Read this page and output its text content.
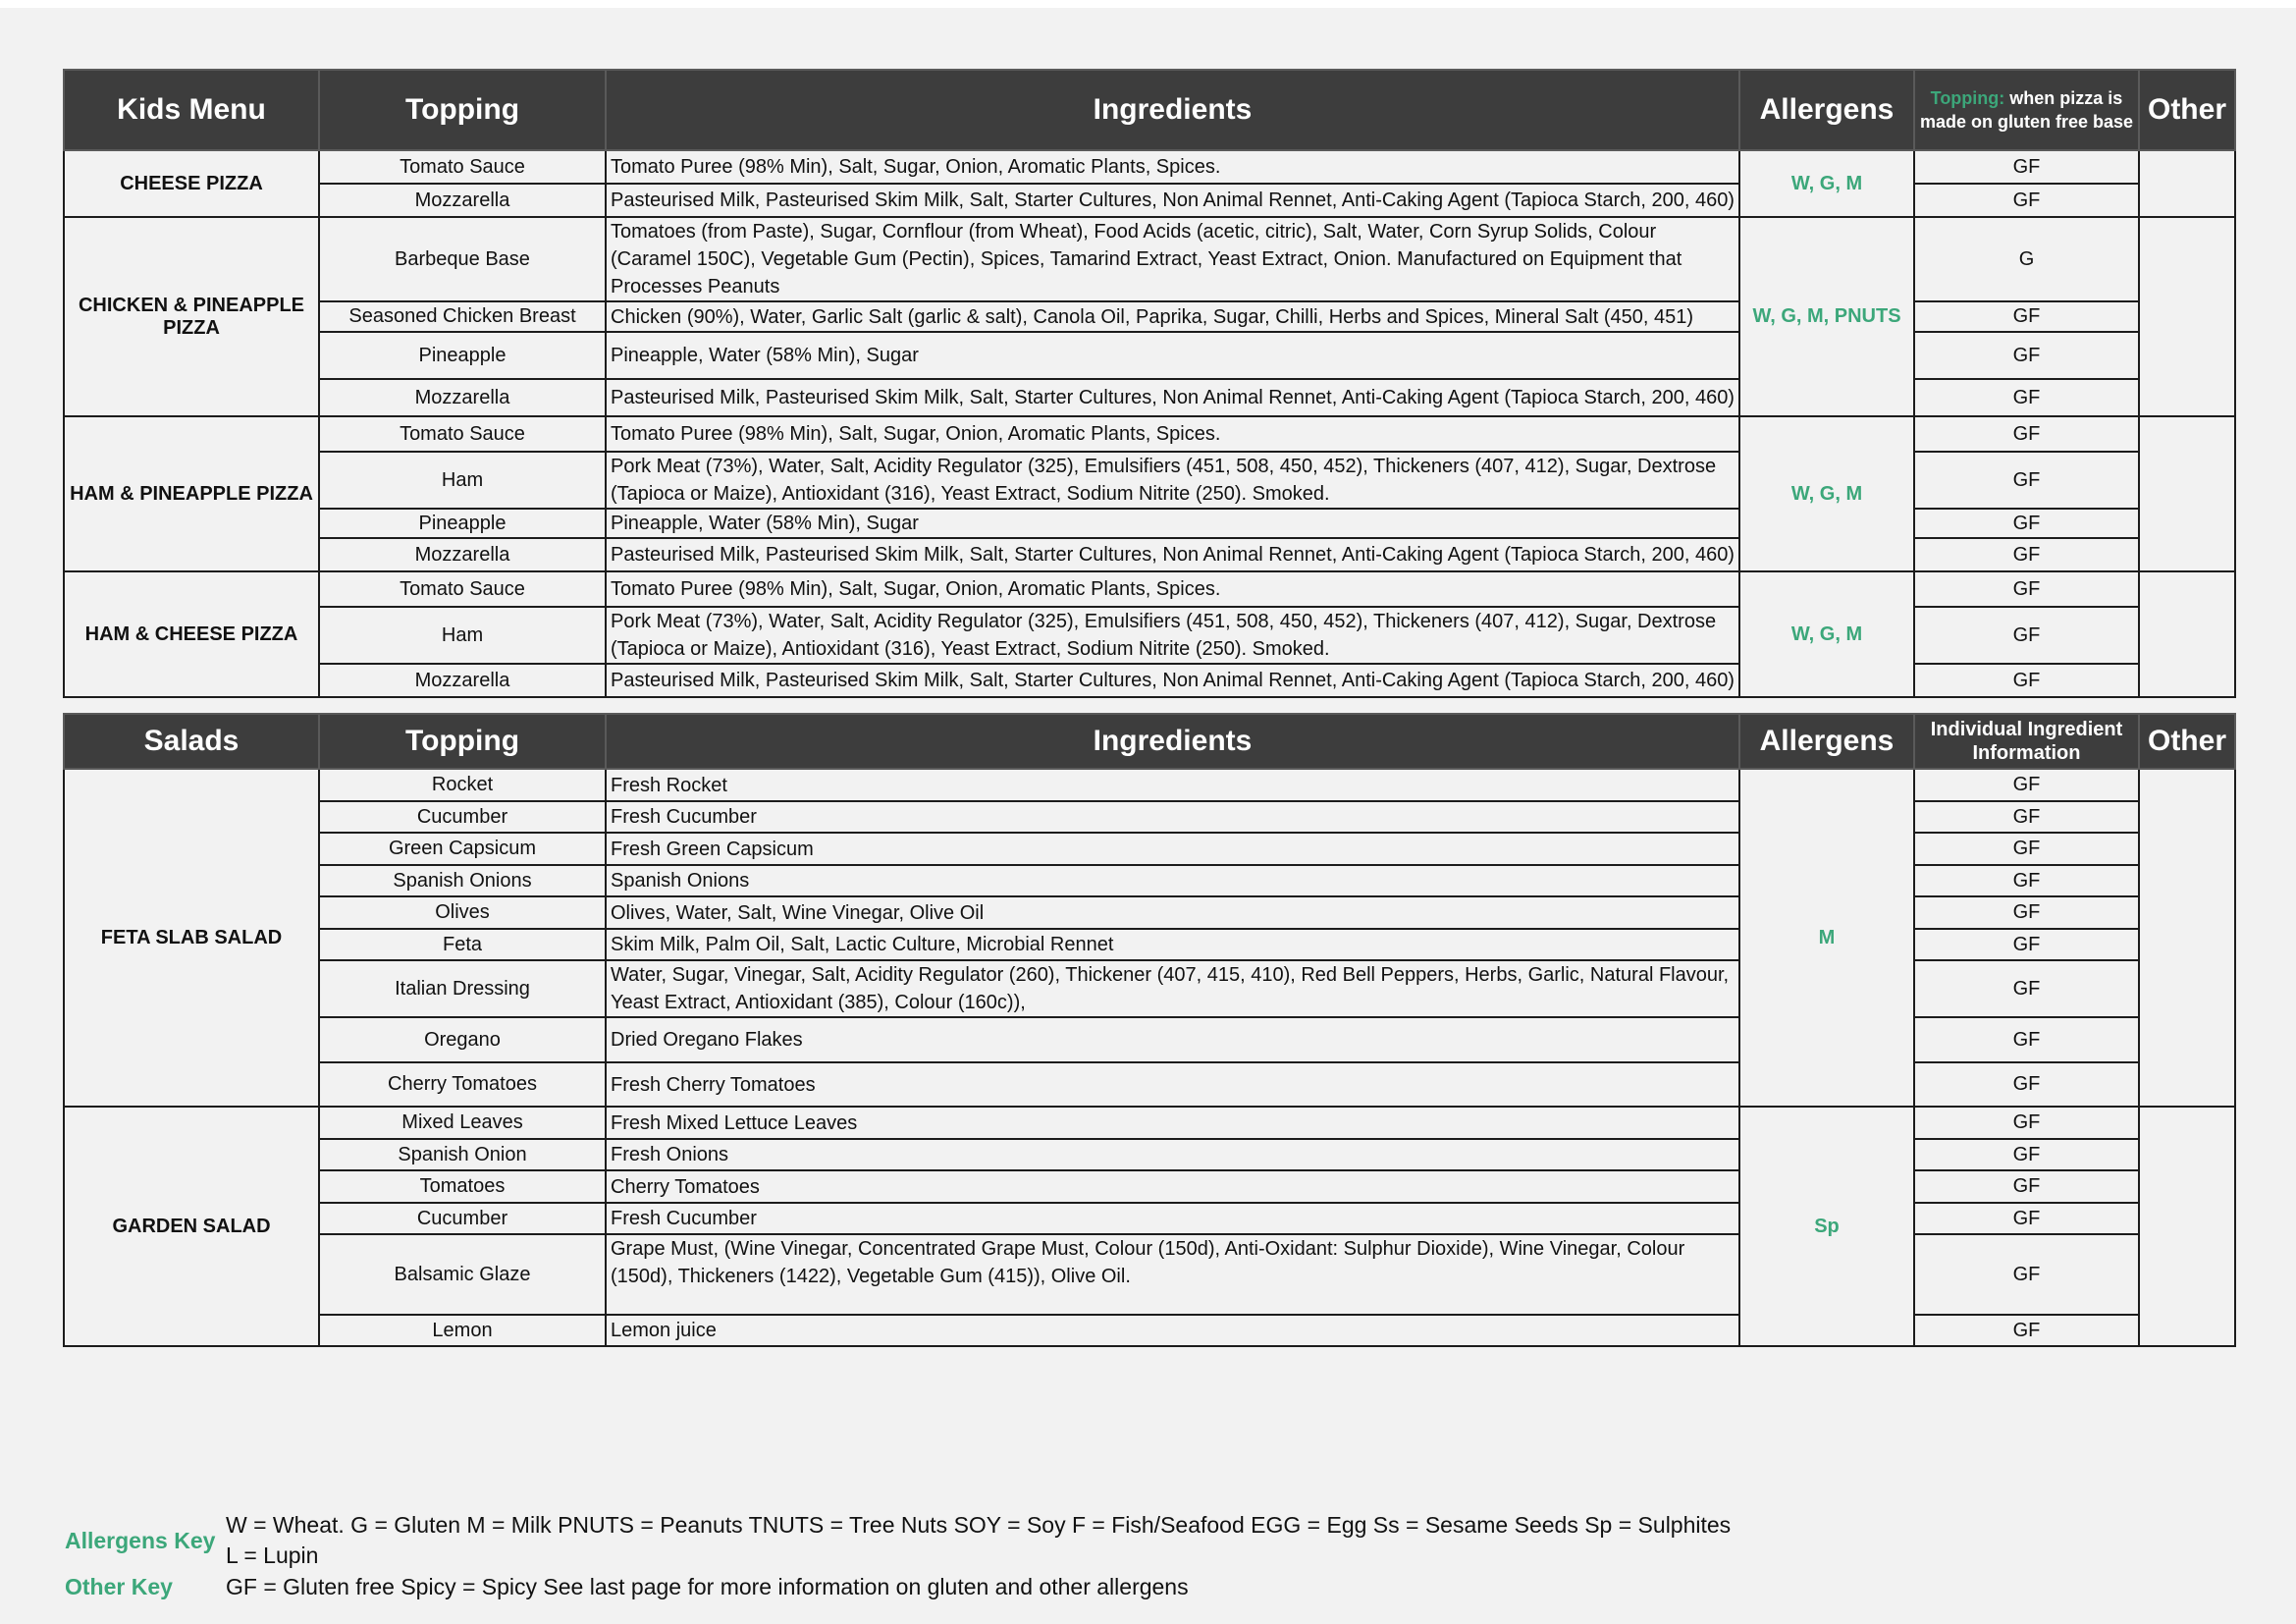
Kids Menu	Topping	Ingredients	Allergens	Topping: when pizza is made on gluten free base	Other
CHEESE PIZZA	Tomato Sauce	Tomato Puree (98% Min), Salt, Sugar, Onion, Aromatic Plants, Spices.	W, G, M	GF	
	Mozzarella	Pasteurised Milk, Pasteurised Skim Milk, Salt, Starter Cultures, Non Animal Rennet, Anti-Caking Agent (Tapioca Starch, 200, 460)		GF	
CHICKEN & PINEAPPLE PIZZA	Barbeque Base	Tomatoes (from Paste), Sugar, Cornflour (from Wheat), Food Acids (acetic, citric), Salt, Water, Corn Syrup Solids, Colour (Caramel 150C), Vegetable Gum (Pectin), Spices, Tamarind Extract, Yeast Extract, Onion. Manufactured on Equipment that Processes Peanuts	W, G, M, PNUTS	G	
	Seasoned Chicken Breast	Chicken (90%), Water, Garlic Salt (garlic & salt), Canola Oil, Paprika, Sugar, Chilli, Herbs and Spices, Mineral Salt (450, 451)		GF	
	Pineapple	Pineapple, Water (58% Min), Sugar		GF	
	Mozzarella	Pasteurised Milk, Pasteurised Skim Milk, Salt, Starter Cultures, Non Animal Rennet, Anti-Caking Agent (Tapioca Starch, 200, 460)		GF	
HAM & PINEAPPLE PIZZA	Tomato Sauce	Tomato Puree (98% Min), Salt, Sugar, Onion, Aromatic Plants, Spices.	W, G, M	GF	
	Ham	Pork Meat (73%), Water, Salt, Acidity Regulator (325), Emulsifiers (451, 508, 450, 452), Thickeners (407, 412), Sugar, Dextrose (Tapioca or Maize), Antioxidant (316), Yeast Extract, Sodium Nitrite (250). Smoked.		GF	
	Pineapple	Pineapple, Water (58% Min), Sugar		GF	
	Mozzarella	Pasteurised Milk, Pasteurised Skim Milk, Salt, Starter Cultures, Non Animal Rennet, Anti-Caking Agent (Tapioca Starch, 200, 460)		GF	
HAM & CHEESE PIZZA	Tomato Sauce	Tomato Puree (98% Min), Salt, Sugar, Onion, Aromatic Plants, Spices.	W, G, M	GF	
	Ham	Pork Meat (73%), Water, Salt, Acidity Regulator (325), Emulsifiers (451, 508, 450, 452), Thickeners (407, 412), Sugar, Dextrose (Tapioca or Maize), Antioxidant (316), Yeast Extract, Sodium Nitrite (250). Smoked.		GF	
	Mozzarella	Pasteurised Milk, Pasteurised Skim Milk, Salt, Starter Cultures, Non Animal Rennet, Anti-Caking Agent (Tapioca Starch, 200, 460)		GF	
Salads	Topping	Ingredients	Allergens	Individual Ingredient Information	Other
FETA SLAB SALAD	Rocket	Fresh Rocket	M	GF	
	Cucumber	Fresh Cucumber		GF	
	Green Capsicum	Fresh Green Capsicum		GF	
	Spanish Onions	Spanish Onions		GF	
	Olives	Olives, Water, Salt, Wine Vinegar, Olive Oil		GF	
	Feta	Skim Milk, Palm Oil, Salt, Lactic Culture, Microbial Rennet		GF	
	Italian Dressing	Water, Sugar, Vinegar, Salt, Acidity Regulator (260), Thickener (407, 415, 410), Red Bell Peppers, Herbs, Garlic, Natural Flavour, Yeast Extract, Antioxidant (385), Colour (160c)),		GF	
	Oregano	Dried Oregano Flakes		GF	
	Cherry Tomatoes	Fresh Cherry Tomatoes		GF	
GARDEN SALAD	Mixed Leaves	Fresh Mixed Lettuce Leaves	Sp	GF	
	Spanish Onion	Fresh Onions		GF	
	Tomatoes	Cherry Tomatoes		GF	
	Cucumber	Fresh Cucumber		GF	
	Balsamic Glaze	Grape Must, (Wine Vinegar, Concentrated Grape Must, Colour (150d), Anti-Oxidant: Sulphur Dioxide), Wine Vinegar, Colour (150d), Thickeners (1422), Vegetable Gum (415)), Olive Oil.		GF	
	Lemon	Lemon juice		GF	
Allergens Key
W = Wheat. G = Gluten M = Milk PNUTS = Peanuts TNUTS = Tree Nuts SOY = Soy F = Fish/Seafood EGG = Egg Ss = Sesame Seeds Sp = Sulphites
L = Lupin
Other Key GF = Gluten free Spicy = Spicy See last page for more information on gluten and other allergens
